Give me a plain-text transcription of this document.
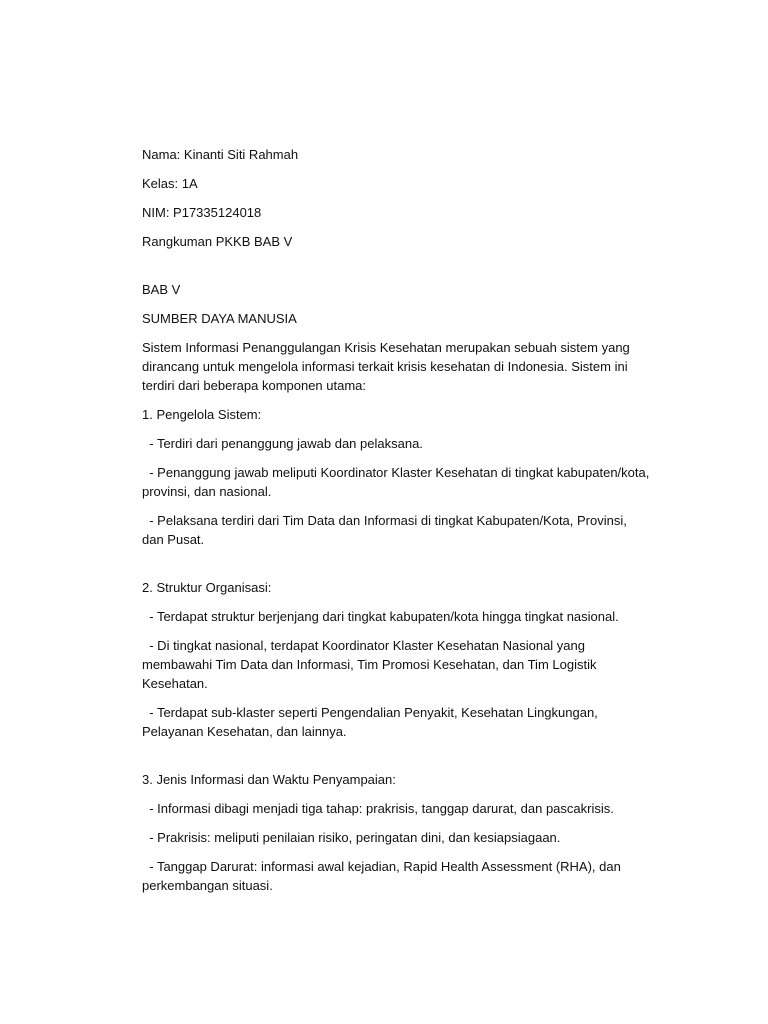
Nama: Kinanti Siti Rahmah

Kelas: 1A

NIM: P17335124018

Rangkuman PKKB BAB V

BAB V

SUMBER DAYA MANUSIA

Sistem Informasi Penanggulangan Krisis Kesehatan merupakan sebuah sistem yang dirancang untuk mengelola informasi terkait krisis kesehatan di Indonesia. Sistem ini terdiri dari beberapa komponen utama:

1. Pengelola Sistem:

- Terdiri dari penanggung jawab dan pelaksana.

- Penanggung jawab meliputi Koordinator Klaster Kesehatan di tingkat kabupaten/kota, provinsi, dan nasional.

- Pelaksana terdiri dari Tim Data dan Informasi di tingkat Kabupaten/Kota, Provinsi, dan Pusat.

2. Struktur Organisasi:

- Terdapat struktur berjenjang dari tingkat kabupaten/kota hingga tingkat nasional.

- Di tingkat nasional, terdapat Koordinator Klaster Kesehatan Nasional yang membawahi Tim Data dan Informasi, Tim Promosi Kesehatan, dan Tim Logistik Kesehatan.

- Terdapat sub-klaster seperti Pengendalian Penyakit, Kesehatan Lingkungan, Pelayanan Kesehatan, dan lainnya.

3. Jenis Informasi dan Waktu Penyampaian:

- Informasi dibagi menjadi tiga tahap: prakrisis, tanggap darurat, dan pascakrisis.

- Prakrisis: meliputi penilaian risiko, peringatan dini, dan kesiapsiagaan.

- Tanggap Darurat: informasi awal kejadian, Rapid Health Assessment (RHA), dan perkembangan situasi.
